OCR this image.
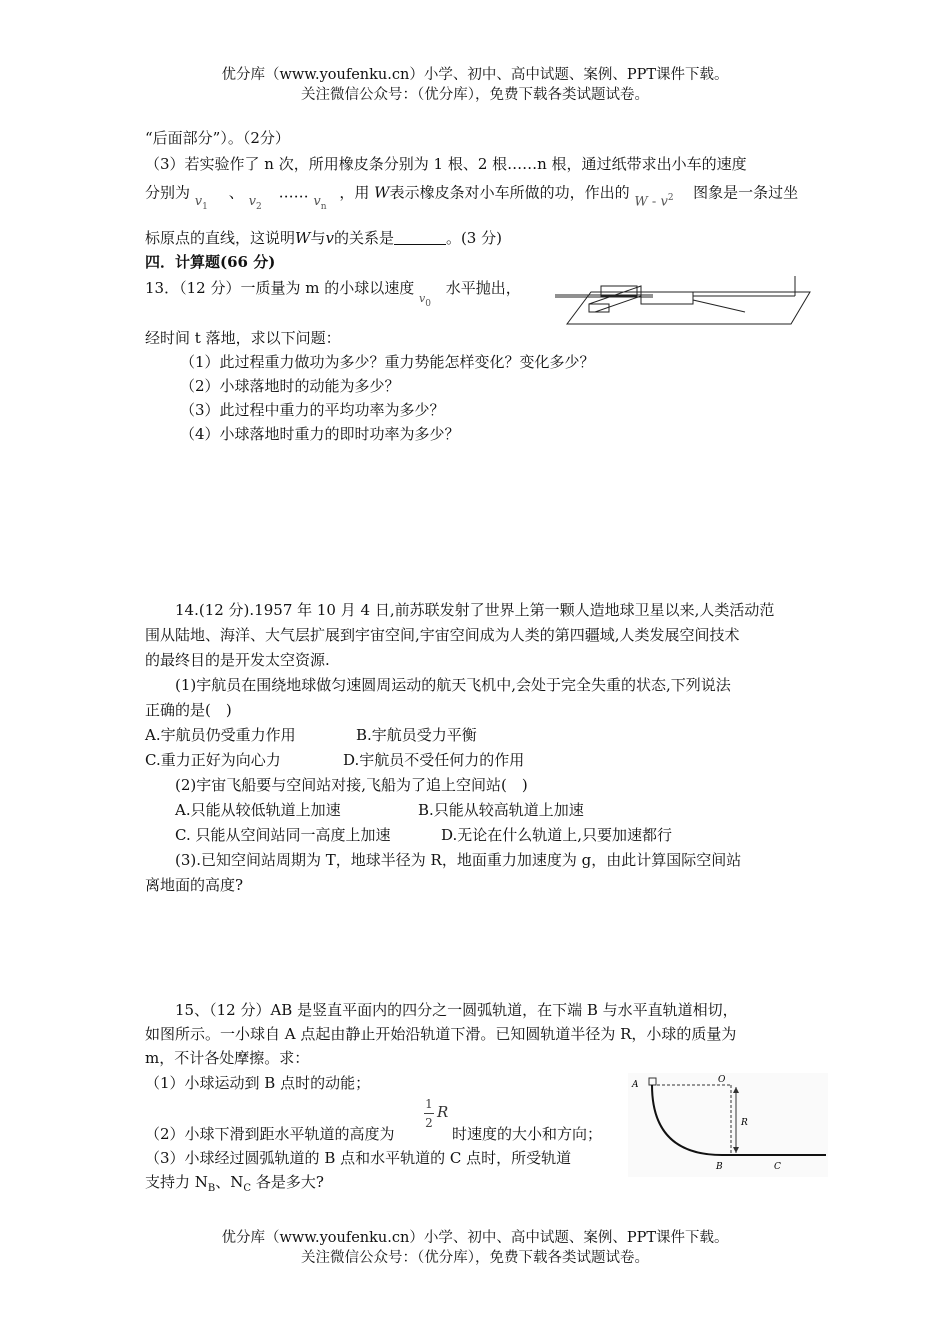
优分库（www.youfenku.cn）小学、初中、高中试题、案例、PPT课件下载。
关注微信公众号：（优分库），免费下载各类试题试卷。
“后面部分”）。（2分）
（3）若实验作了 n 次，所用橡皮条分别为 1 根、2 根……n 根，通过纸带求出小车的速度
分别为 $v_1$、 $v_2\dots\dots$ $v_n$，用 W表示橡皮条对小车所做的功，作出的 W - $v^2$ 图象是一条过坐
标原点的直线，这说明W与v的关系是	。(3 分)
四．计算题(66 分)
13．（12 分）一质量为 m 的小球以速度 $v_0$ 水平抛出，
经时间 t 落地，求以下问题：
（1）此过程重力做功为多少？重力势能怎样变化？变化多少？
（2）小球落地时的动能为多少？
（3）此过程中重力的平均功率为多少？
（4）小球落地时重力的即时功率为多少？
14.(12 分).1957 年 10 月 4 日,前苏联发射了世界上第一颗人造地球卫星以来,人类活动范
围从陆地、海洋、大气层扩展到宇宙空间,宇宙空间成为人类的第四疆域,人类发展空间技术
的最终目的是开发太空资源.
(1)宇航员在围绕地球做匀速圆周运动的航天飞机中,会处于完全失重的状态,下列说法
正确的是(　)
A.宇航员仍受重力作用	B.宇航员受力平衡
C.重力正好为向心力	D.宇航员不受任何力的作用
(2)宇宙飞船要与空间站对接,飞船为了追上空间站(　)
A.只能从较低轨道上加速	B.只能从较高轨道上加速
C. 只能从空间站同一高度上加速	D.无论在什么轨道上,只要加速都行
(3).已知空间站周期为 T，地球半径为 R，地面重力加速度为 g，由此计算国际空间站
离地面的高度?
15、（12 分）AB 是竖直平面内的四分之一圆弧轨道，在下端 B 与水平直轨道相切，
如图所示。一小球自 A 点起由静止开始沿轨道下滑。已知圆轨道半径为 R，小球的质量为
m，不计各处摩擦。求：
（1）小球运动到 B 点时的动能；
1
2
R
（2）小球下滑到距水平轨道的高度为	时速度的大小和方向；
（3）小球经过圆弧轨道的 B 点和水平轨道的 C 点时，所受轨道
支持力 $N_B$、$N_C$ 各是多大?
A	O
R
B	C
优分库（www.youfenku.cn）小学、初中、高中试题、案例、PPT课件下载。
关注微信公众号：（优分库），免费下载各类试题试卷。
